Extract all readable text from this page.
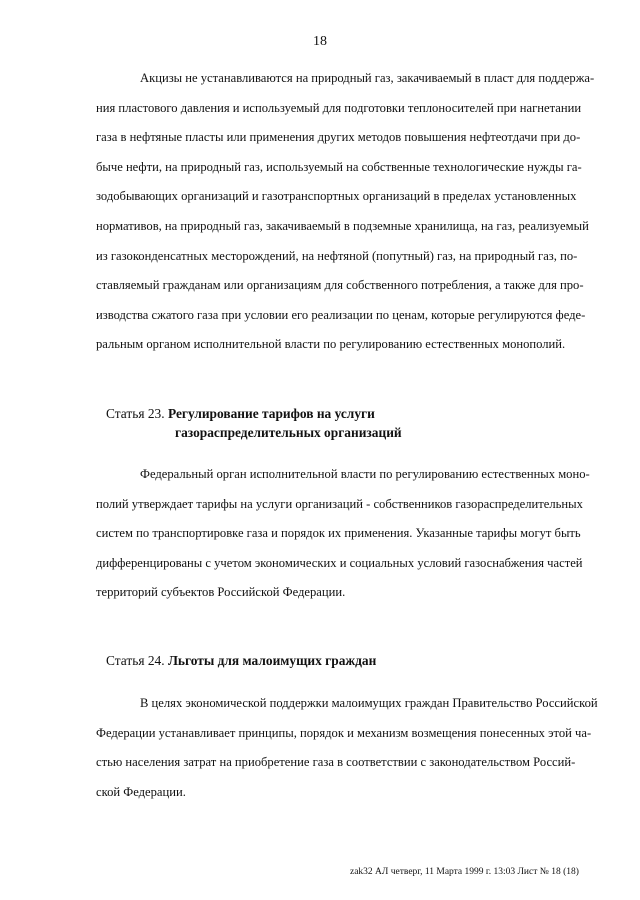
18
Акцизы не устанавливаются на природный газ, закачиваемый в пласт для поддержа-
ния пластового давления и используемый для подготовки теплоносителей при нагнетании
газа в нефтяные пласты или применения других методов повышения нефтеотдачи при до-
быче нефти, на природный газ, используемый на собственные технологические нужды га-
зодобывающих организаций и газотранспортных организаций в пределах установленных
нормативов, на природный газ, закачиваемый в подземные хранилища, на газ, реализуемый
из газоконденсатных месторождений, на нефтяной (попутный) газ, на природный газ, по-
ставляемый гражданам или организациям для собственного потребления, а также для про-
изводства сжатого газа при условии его реализации по ценам, которые регулируются феде-
ральным органом исполнительной власти по регулированию естественных монополий.
Статья 23. Регулирование тарифов на услуги
газораспределительных организаций
Федеральный орган исполнительной власти по регулированию естественных моно-
полий утверждает тарифы на услуги организаций - собственников газораспределительных
систем по транспортировке газа и порядок их применения. Указанные тарифы могут быть
дифференцированы с учетом экономических и социальных условий газоснабжения частей
территорий субъектов Российской Федерации.
Статья 24. Льготы для малоимущих граждан
В целях экономической поддержки малоимущих граждан Правительство Российской
Федерации устанавливает принципы, порядок и механизм возмещения понесенных этой ча-
стью населения затрат на приобретение газа в соответствии с законодательством Россий-
ской Федерации.
zak32 АЛ четверг, 11 Марта 1999 г. 13:03 Лист № 18 (18)
